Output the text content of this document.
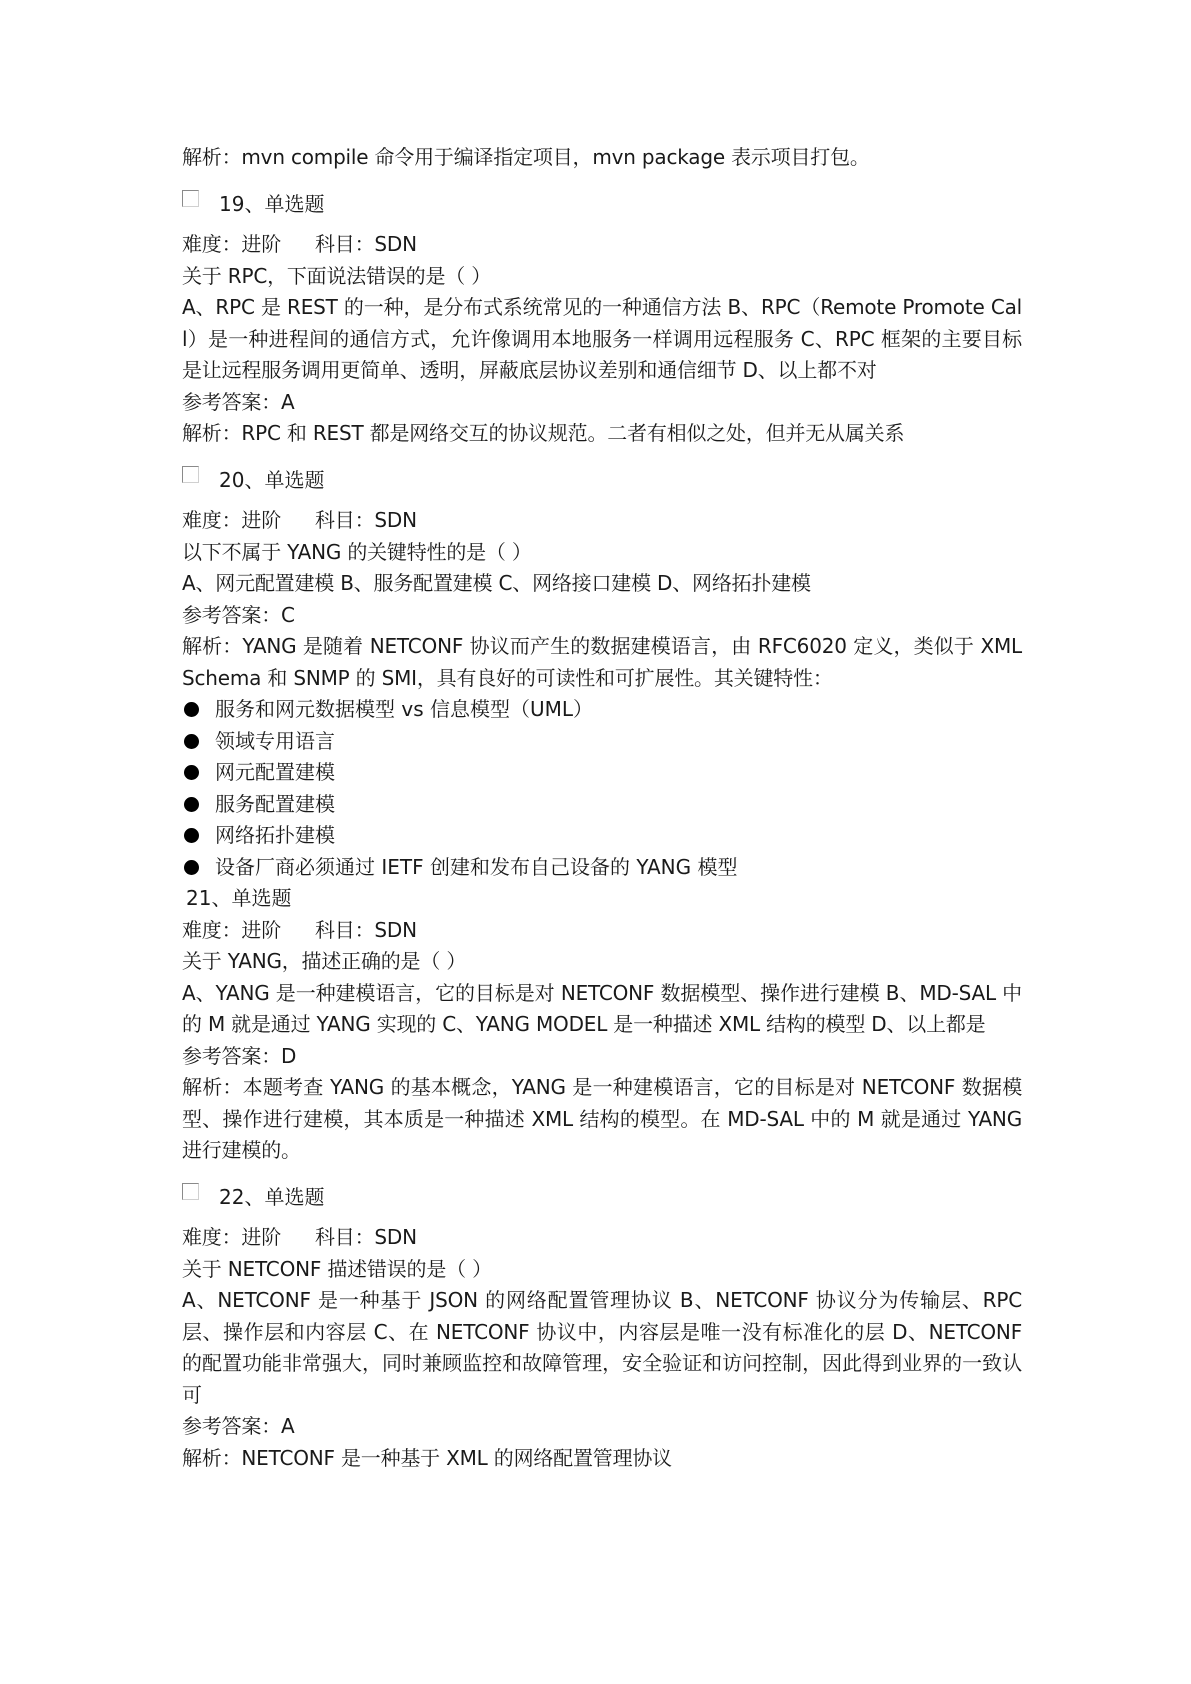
解析：mvn compile 命令用于编译指定项目，mvn package 表示项目打包。
19、单选题
难度：进阶 科目：SDN
关于 RPC，下面说法错误的是（ ）
A、RPC 是 REST 的一种，是分布式系统常见的一种通信方法 B、RPC（Remote Promote Call）是一种进程间的通信方式，允许像调用本地服务一样调用远程服务 C、RPC 框架的主要目标是让远程服务调用更简单、透明，屏蔽底层协议差别和通信细节 D、以上都不对
参考答案：A
解析：RPC 和 REST 都是网络交互的协议规范。二者有相似之处，但并无从属关系
20、单选题
难度：进阶 科目：SDN
以下不属于 YANG 的关键特性的是（ ）
A、网元配置建模 B、服务配置建模 C、网络接口建模 D、网络拓扑建模
参考答案：C
解析：YANG 是随着 NETCONF 协议而产生的数据建模语言，由 RFC6020 定义，类似于 XML Schema 和 SNMP 的 SMI，具有良好的可读性和可扩展性。其关键特性：
服务和网元数据模型 vs 信息模型（UML）
领域专用语言
网元配置建模
服务配置建模
网络拓扑建模
设备厂商必须通过 IETF 创建和发布自己设备的 YANG 模型
21、单选题
难度：进阶 科目：SDN
关于 YANG，描述正确的是（ ）
A、YANG 是一种建模语言，它的目标是对 NETCONF 数据模型、操作进行建模 B、MD-SAL 中的 M 就是通过 YANG 实现的 C、YANG MODEL 是一种描述 XML 结构的模型 D、以上都是
参考答案：D
解析：本题考查 YANG 的基本概念，YANG 是一种建模语言，它的目标是对 NETCONF 数据模型、操作进行建模，其本质是一种描述 XML 结构的模型。在 MD-SAL 中的 M 就是通过 YANG 进行建模的。
22、单选题
难度：进阶 科目：SDN
关于 NETCONF 描述错误的是（ ）
A、NETCONF 是一种基于 JSON 的网络配置管理协议 B、NETCONF 协议分为传输层、RPC 层、操作层和内容层 C、在 NETCONF 协议中，内容层是唯一没有标准化的层 D、NETCONF 的配置功能非常强大，同时兼顾监控和故障管理，安全验证和访问控制，因此得到业界的一致认可
参考答案：A
解析：NETCONF 是一种基于 XML 的网络配置管理协议
